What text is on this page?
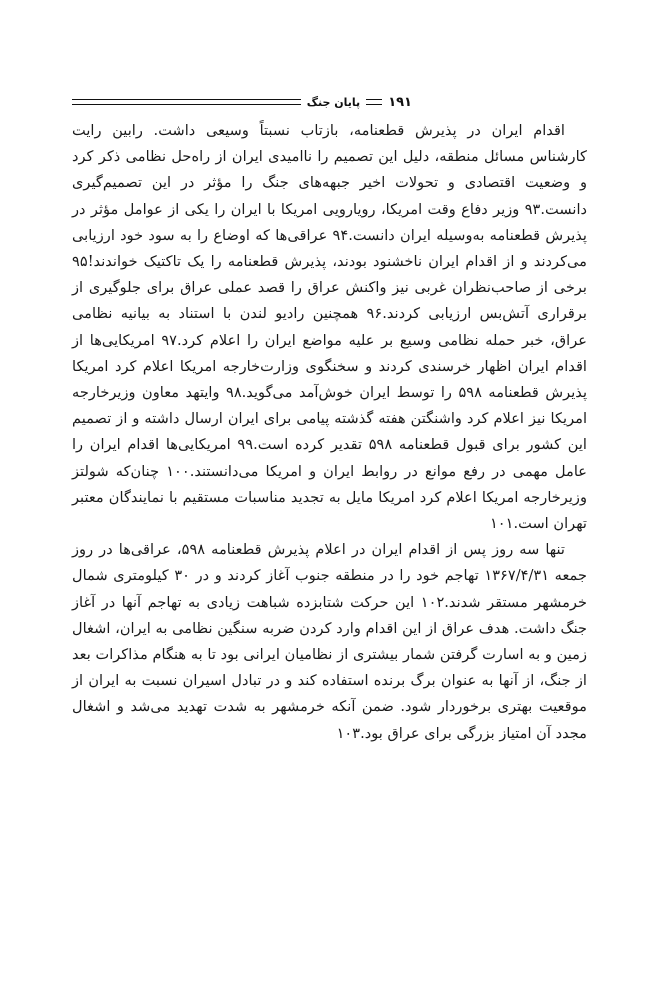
۱۹۱
پایان جنگ

اقدام ایران در پذیرش قطعنامه، بازتاب نسبتاً وسیعی داشت. رابین رایت کارشناس مسائل منطقه، دلیل این تصمیم را ناامیدی ایران از راه‌حل نظامی ذکر کرد و وضعیت اقتصادی و تحولات اخیر جبهه‌های جنگ را مؤثر در این تصمیم‌گیری دانست.۹۳ وزیر دفاع وقت امریکا، رویارویی امریکا با ایران را یکی از عوامل مؤثر در پذیرش قطعنامه به‌وسیله ایران دانست.۹۴ عراقی‌ها که اوضاع را به سود خود ارزیابی می‌کردند و از اقدام ایران ناخشنود بودند، پذیرش قطعنامه را یک تاکتیک خواندند!۹۵ برخی از صاحب‌نظران غربی نیز واکنش عراق را قصد عملی عراق برای جلوگیری از برقراری آتش‌بس ارزیابی کردند.۹۶ همچنین رادیو لندن با استناد به بیانیه نظامی عراق، خبر حمله نظامی وسیع بر علیه مواضع ایران را اعلام کرد.۹۷ امریکایی‌ها از اقدام ایران اظهار خرسندی کردند و سخنگوی وزارت‌خارجه امریکا اعلام کرد امریکا پذیرش قطعنامه ۵۹۸ را توسط ایران خوش‌آمد می‌گوید.۹۸ وایتهد معاون وزیرخارجه امریکا نیز اعلام کرد واشنگتن هفته گذشته پیامی برای ایران ارسال داشته و از تصمیم این کشور برای قبول قطعنامه ۵۹۸ تقدیر کرده است.۹۹ امریکایی‌ها اقدام ایران را عامل مهمی در رفع موانع در روابط ایران و امریکا می‌دانستند.۱۰۰ چنان‌که شولتز وزیرخارجه امریکا اعلام کرد امریکا مایل به تجدید مناسبات مستقیم با نمایندگان معتبر تهران است.۱۰۱

تنها سه روز پس از اقدام ایران در اعلام پذیرش قطعنامه ۵۹۸، عراقی‌ها در روز جمعه ۱۳۶۷/۴/۳۱ تهاجم خود را در منطقه جنوب آغاز کردند و در ۳۰ کیلومتری شمال خرمشهر مستقر شدند.۱۰۲ این حرکت شتابزده شباهت زیادی به تهاجم آنها در آغاز جنگ داشت. هدف عراق از این اقدام وارد کردن ضربه سنگین نظامی به ایران، اشغال زمین و به اسارت گرفتن شمار بیشتری از نظامیان ایرانی بود تا به هنگام مذاکرات بعد از جنگ، از آنها به عنوان برگ برنده استفاده کند و در تبادل اسیران نسبت به ایران از موقعیت بهتری برخوردار شود. ضمن آنکه خرمشهر به شدت تهدید می‌شد و اشغال مجدد آن امتیاز بزرگی برای عراق بود.۱۰۳
